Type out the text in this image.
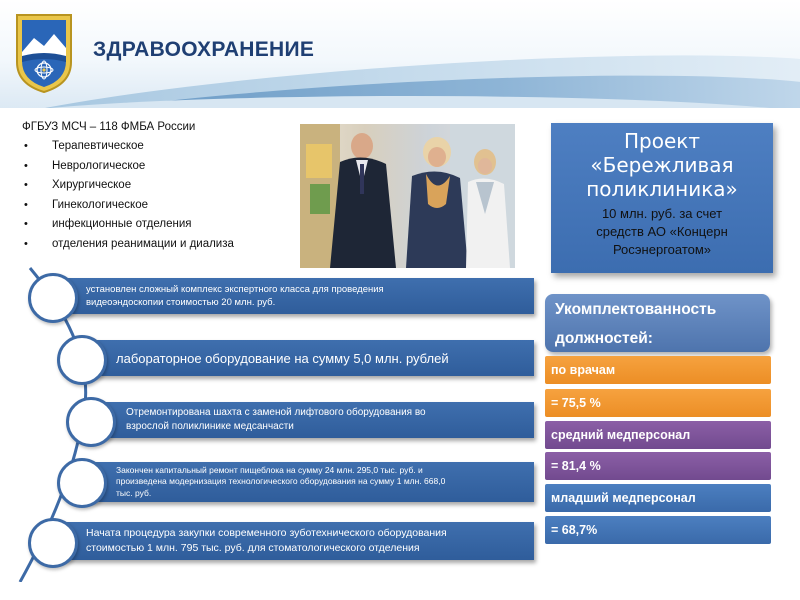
ЗДРАВООХРАНЕНИЕ
ФГБУЗ МСЧ – 118 ФМБА России
• Терапевтическое
• Неврологическое
• Хирургическое
• Гинекологическое
• инфекционные отделения
• отделения реанимации и диализа
Проект
«Бережливая
поликлиника»
10 млн. руб. за счет
средств АО «Концерн
Росэнергоатом»
установлен сложный комплекс экспертного класса для проведения
видеоэндоскопии стоимостью 20 млн. руб.
лабораторное оборудование на сумму 5,0 млн. рублей
Отремонтирована шахта с заменой лифтового оборудования во
взрослой поликлинике медсанчасти
Закончен капитальный ремонт пищеблока на сумму 24 млн. 295,0 тыс. руб. и
произведена модернизация технологического оборудования на сумму 1 млн. 668,0
тыс. руб.
Начата процедура закупки современного зуботехнического оборудования
стоимостью 1 млн. 795 тыс. руб. для стоматологического отделения
Укомплектованность
должностей:
по врачам
= 75,5 %
средний медперсонал
= 81,4 %
младший медперсонал
= 68,7%
